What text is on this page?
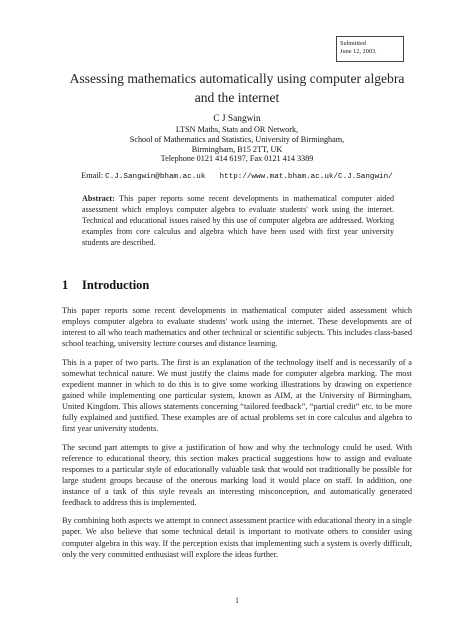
Submitted
June 12, 2003.
Assessing mathematics automatically using computer algebra
and the internet
C J Sangwin
LTSN Maths, Stats and OR Network,
School of Mathematics and Statistics, University of Birmingham,
Birmingham, B15 2TT, UK
Telephone 0121 414 6197, Fax 0121 414 3389
Email: C.J.Sangwin@bham.ac.uk http://www.mat.bham.ac.uk/C.J.Sangwin/
Abstract: This paper reports some recent developments in mathematical computer aided assessment which employs computer algebra to evaluate students' work using the internet. Technical and educational issues raised by this use of computer algebra are addressed. Working examples from core calculus and algebra which have been used with first year university students are described.
1 Introduction

This paper reports some recent developments in mathematical computer aided assessment which employs computer algebra to evaluate students' work using the internet. These developments are of interest to all who teach mathematics and other technical or scientific subjects. This includes class-based school teaching, university lecture courses and distance learning.

This is a paper of two parts. The first is an explanation of the technology itself and is necessarily of a somewhat technical nature. We must justify the claims made for computer algebra marking. The most expedient manner in which to do this is to give some working illustrations by drawing on experience gained while implementing one particular system, known as AIM, at the University of Birmingham, United Kingdom. This allows statements concerning “tailored feedback”, “partial credit” etc. to be more fully explained and justified. These examples are of actual problems set in core calculus and algebra to first year university students.

The second part attempts to give a justification of how and why the technology could be used. With reference to educational theory, this section makes practical suggestions how to assign and evaluate responses to a particular style of educationally valuable task that would not traditionally be possible for large student groups because of the onerous marking load it would place on staff. In addition, one instance of a task of this style reveals an interesting misconception, and automatically generated feedback to address this is implemented.

By combining both aspects we attempt to connect assessment practice with educational theory in a single paper. We also believe that some technical detail is important to motivate others to consider using computer algebra in this way. If the perception exists that implementing such a system is overly difficult, only the very committed enthusiast will explore the ideas further.

1
